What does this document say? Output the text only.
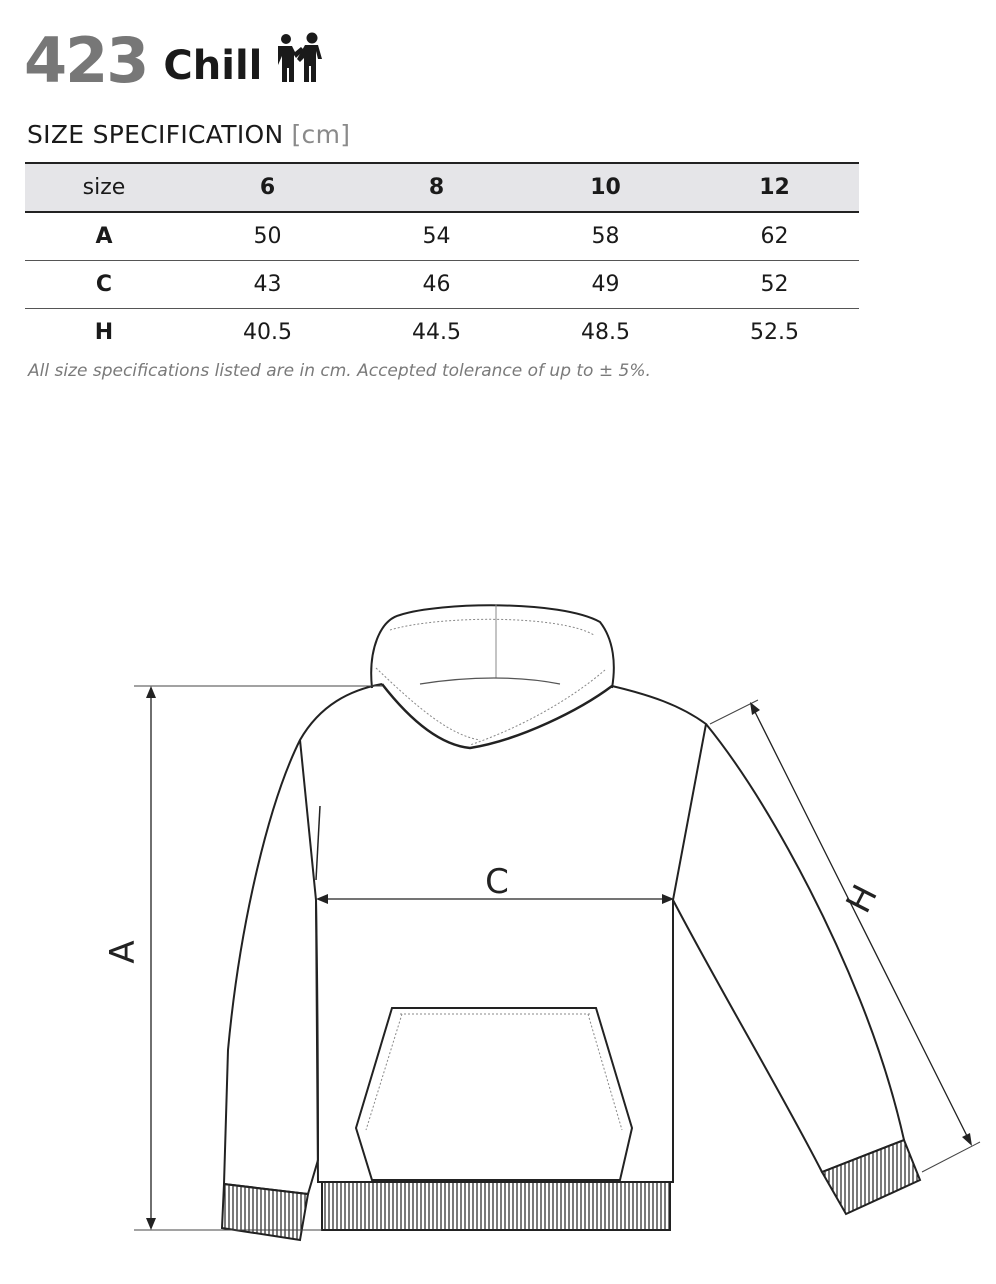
423 Chill
SIZE SPECIFICATION [cm]
size	6	8	10	12
A	50	54	58	62
C	43	46	49	52
H	40.5	44.5	48.5	52.5
All size specifications listed are in cm. Accepted tolerance of up to ± 5%.
A
C	H
